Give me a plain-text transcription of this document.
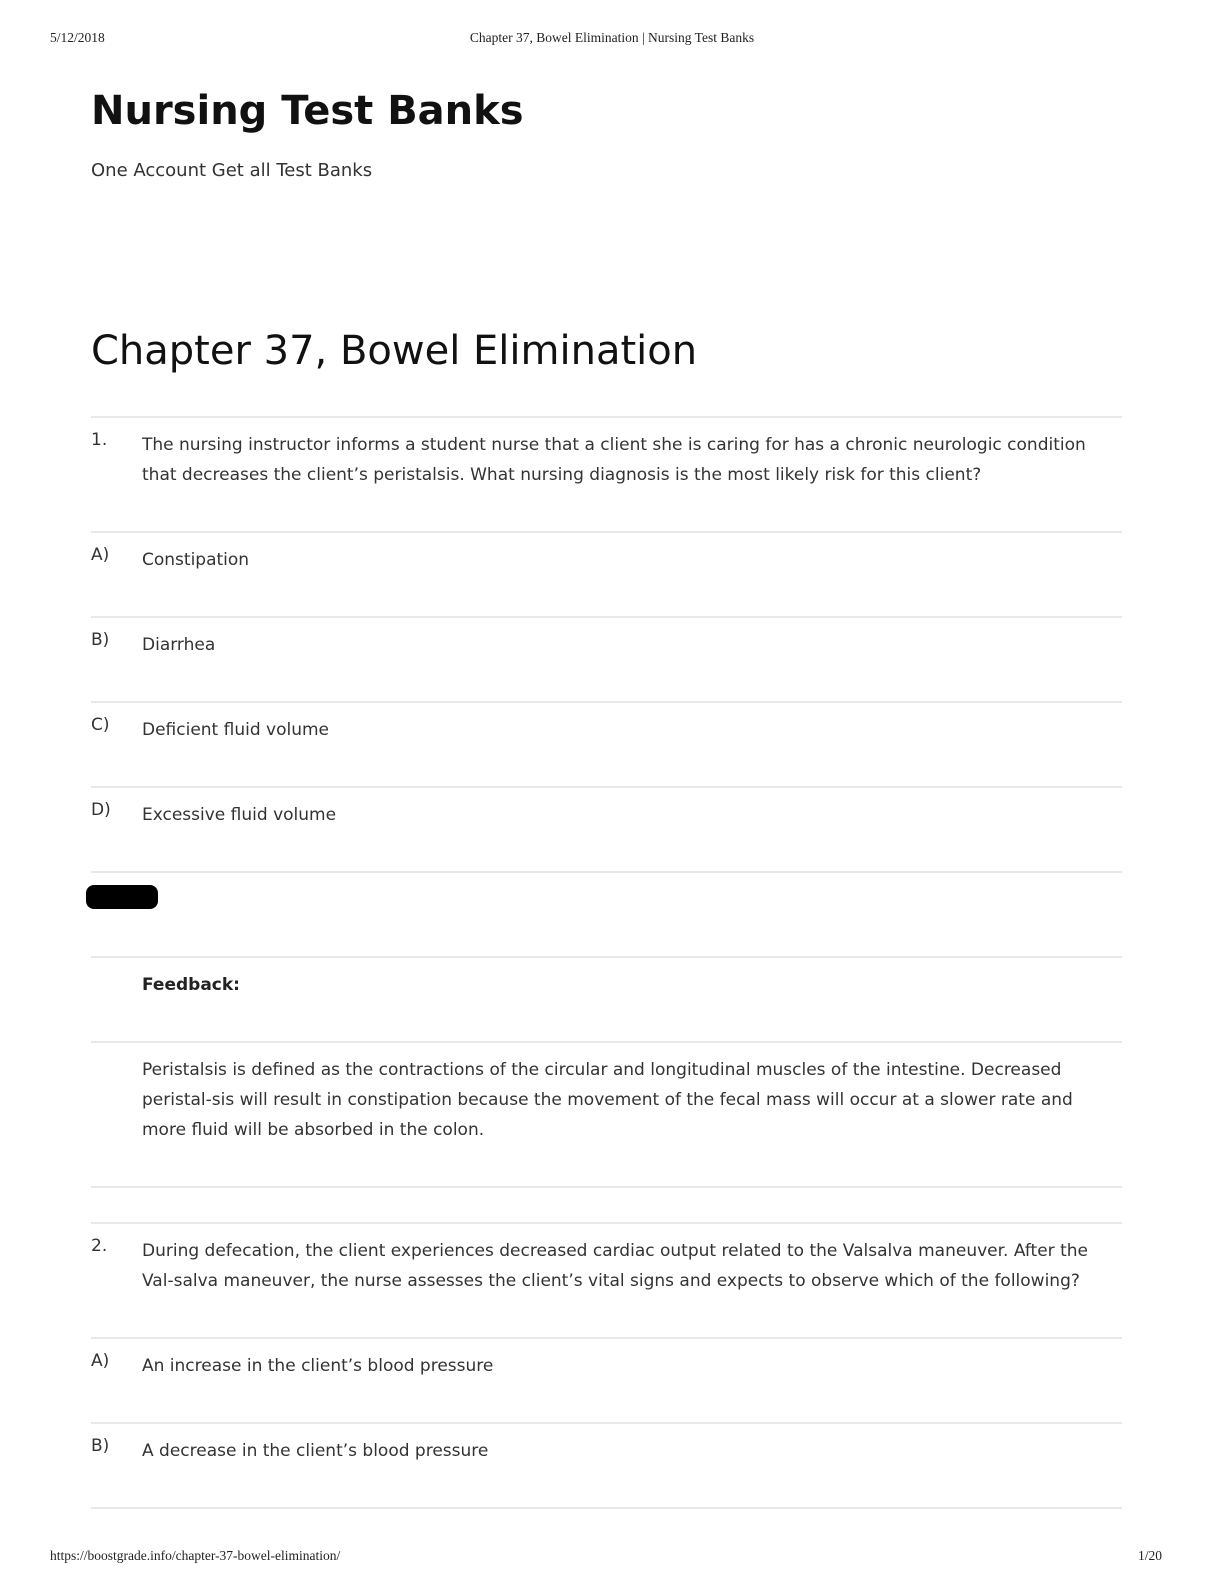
5/12/2018	Chapter 37, Bowel Elimination | Nursing Test Banks
Nursing Test Banks
One Account Get all Test Banks
Chapter 37, Bowel Elimination
1. The nursing instructor informs a student nurse that a client she is caring for has a chronic neurologic condition that decreases the client’s peristalsis. What nursing diagnosis is the most likely risk for this client?
A) Constipation
B) Diarrhea
C) Deficient fluid volume
D) Excessive fluid volume
Feedback:
Peristalsis is defined as the contractions of the circular and longitudinal muscles of the intestine. Decreased peristal-sis will result in constipation because the movement of the fecal mass will occur at a slower rate and more fluid will be absorbed in the colon.
2. During defecation, the client experiences decreased cardiac output related to the Valsalva maneuver. After the Val-salva maneuver, the nurse assesses the client’s vital signs and expects to observe which of the following?
A) An increase in the client’s blood pressure
B) A decrease in the client’s blood pressure
https://boostgrade.info/chapter-37-bowel-elimination/	1/20
